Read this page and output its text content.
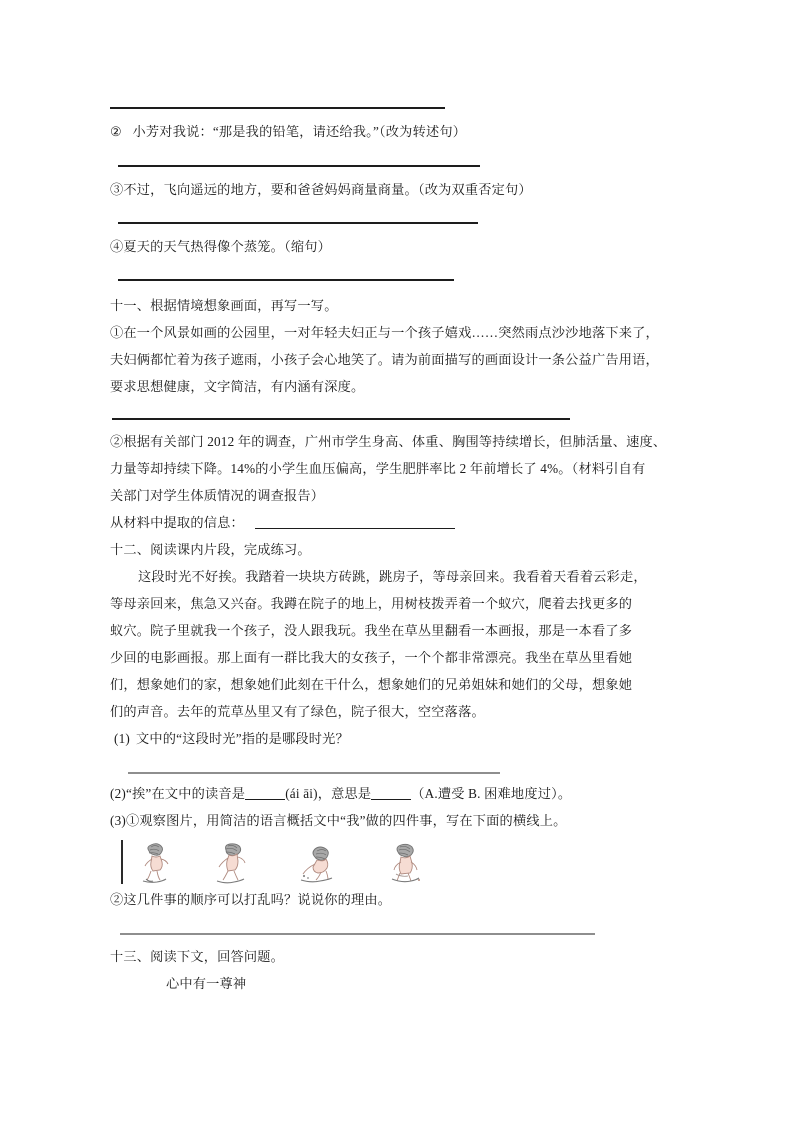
② 小芳对我说：“那是我的铅笔，请还给我。”（改为转述句）
③不过，飞向遥远的地方，要和爸爸妈妈商量商量。（改为双重否定句）
④夏天的天气热得像个蒸笼。（缩句）
十一、根据情境想象画面，再写一写。
①在一个风景如画的公园里，一对年轻夫妇正与一个孩子嬉戏……突然雨点沙沙地落下来了，
夫妇俩都忙着为孩子遮雨，小孩子会心地笑了。请为前面描写的画面设计一条公益广告用语，
要求思想健康，文字简洁，有内涵有深度。
②根据有关部门 2012 年的调查，广州市学生身高、体重、胸围等持续增长，但肺活量、速度、
力量等却持续下降。14%的小学生血压偏高，学生肥胖率比 2 年前增长了 4%。（材料引自有
关部门对学生体质情况的调查报告）
从材料中提取的信息：
十二、阅读课内片段，完成练习。
这段时光不好挨。我踏着一块块方砖跳，跳房子，等母亲回来。我看着天看着云彩走，
等母亲回来，焦急又兴奋。我蹲在院子的地上，用树枝拨弄着一个蚁穴，爬着去找更多的
蚁穴。院子里就我一个孩子，没人跟我玩。我坐在草丛里翻看一本画报，那是一本看了多
少回的电影画报。那上面有一群比我大的女孩子，一个个都非常漂亮。我坐在草丛里看她
们，想象她们的家，想象她们此刻在干什么，想象她们的兄弟姐妹和她们的父母，想象她
们的声音。去年的荒草丛里又有了绿色，院子很大，空空落落。
(1) 文中的“这段时光”指的是哪段时光？
(2)“挨”在文中的读音是	(ái āi)，意思是	（A.遭受 B. 困难地度过）。
(3)①观察图片，用简洁的语言概括文中“我”做的四件事，写在下面的横线上。
②这几件事的顺序可以打乱吗？说说你的理由。
十三、阅读下文，回答问题。
心中有一尊神
